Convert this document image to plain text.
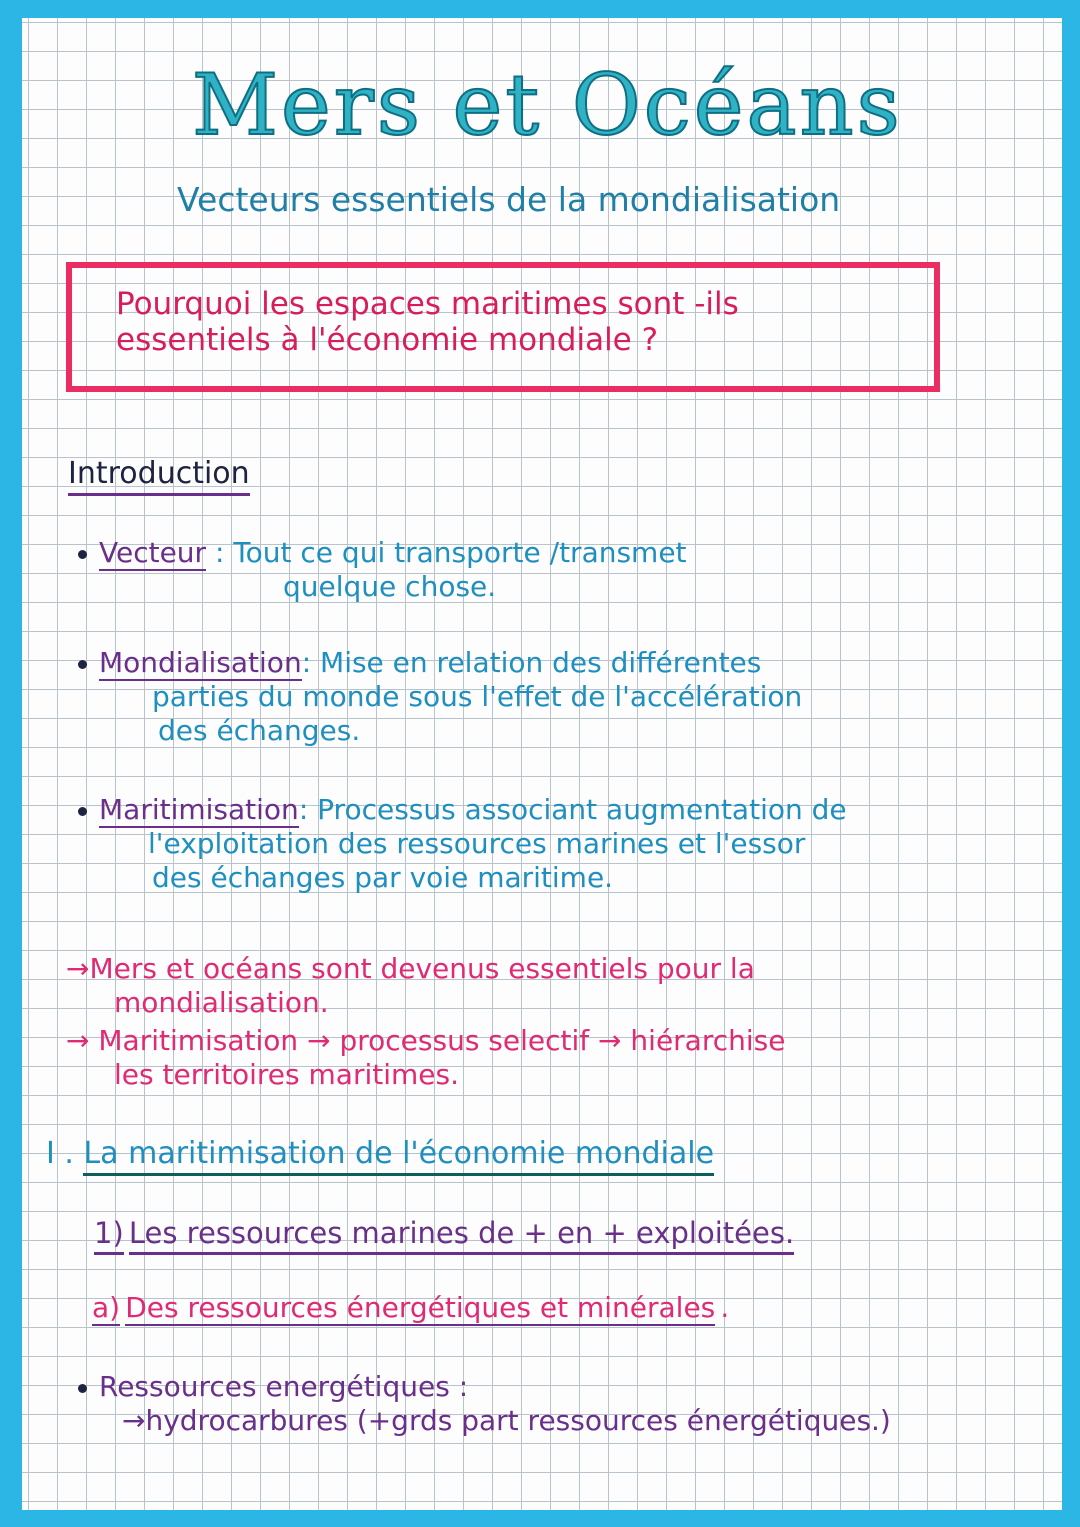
Mers et Océans
Vecteurs essentiels de la mondialisation
Pourquoi les espaces maritimes sont -ils
essentiels à l'économie mondiale ?
Introduction
Vecteur : Tout ce qui transporte /transmet
quelque chose.
Mondialisation: Mise en relation des différentes
parties du monde sous l'effet de l'accélération
des échanges.
Maritimisation: Processus associant augmentation de
l'exploitation des ressources marines et l'essor
des échanges par voie maritime.
→Mers et océans sont devenus essentiels pour la
mondialisation.
→ Maritimisation → processus selectif → hiérarchise
les territoires maritimes.
I . La maritimisation de l'économie mondiale
1) Les ressources marines de + en + exploitées.
a) Des ressources énergétiques et minérales .
Ressources energétiques :
→hydrocarbures (+grds part ressources énergétiques.)
